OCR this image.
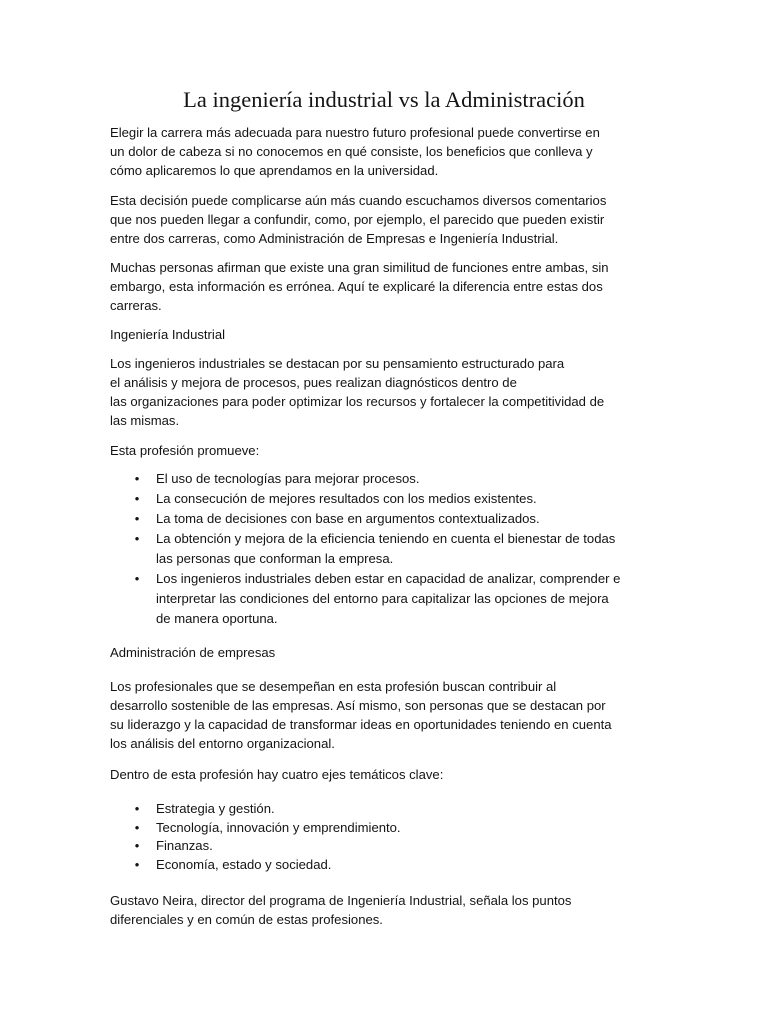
La ingeniería industrial vs la Administración

Elegir la carrera más adecuada para nuestro futuro profesional puede convertirse en
un dolor de cabeza si no conocemos en qué consiste, los beneficios que conlleva y
cómo aplicaremos lo que aprendamos en la universidad.

Esta decisión puede complicarse aún más cuando escuchamos diversos comentarios
que nos pueden llegar a confundir, como, por ejemplo, el parecido que pueden existir
entre dos carreras, como Administración de Empresas e Ingeniería Industrial.

Muchas personas afirman que existe una gran similitud de funciones entre ambas, sin
embargo, esta información es errónea. Aquí te explicaré la diferencia entre estas dos
carreras.

Ingeniería Industrial

Los ingenieros industriales se destacan por su pensamiento estructurado para
el análisis y mejora de procesos, pues realizan diagnósticos dentro de
las organizaciones para poder optimizar los recursos y fortalecer la competitividad de
las mismas.

Esta profesión promueve:

• El uso de tecnologías para mejorar procesos.
• La consecución de mejores resultados con los medios existentes.
• La toma de decisiones con base en argumentos contextualizados.
• La obtención y mejora de la eficiencia teniendo en cuenta el bienestar de todas
las personas que conforman la empresa.
• Los ingenieros industriales deben estar en capacidad de analizar, comprender e
interpretar las condiciones del entorno para capitalizar las opciones de mejora
de manera oportuna.

Administración de empresas

Los profesionales que se desempeñan en esta profesión buscan contribuir al
desarrollo sostenible de las empresas. Así mismo, son personas que se destacan por
su liderazgo y la capacidad de transformar ideas en oportunidades teniendo en cuenta
los análisis del entorno organizacional.

Dentro de esta profesión hay cuatro ejes temáticos clave:

• Estrategia y gestión.
• Tecnología, innovación y emprendimiento.
• Finanzas.
• Economía, estado y sociedad.

Gustavo Neira, director del programa de Ingeniería Industrial, señala los puntos
diferenciales y en común de estas profesiones.
